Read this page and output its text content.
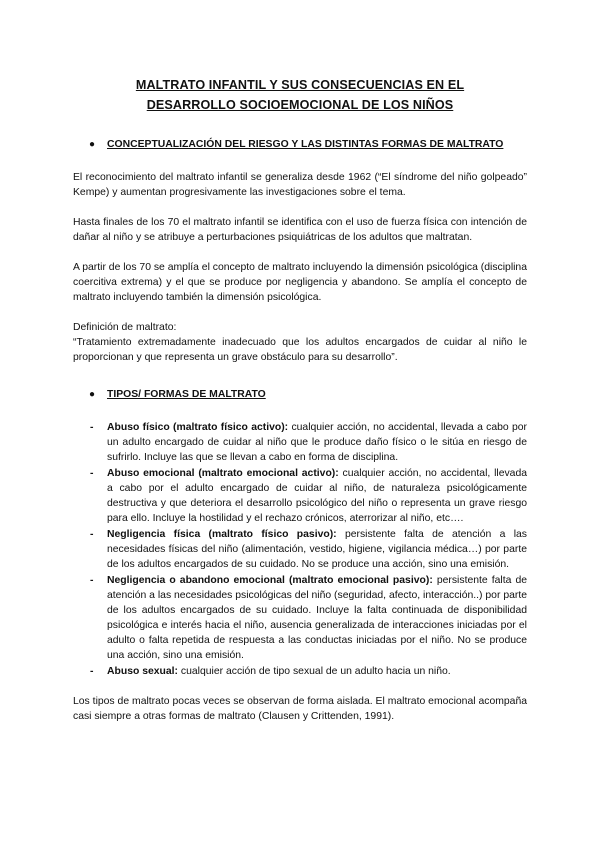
MALTRATO INFANTIL Y SUS CONSECUENCIAS EN EL
DESARROLLO SOCIOEMOCIONAL DE LOS NIÑOS
●	CONCEPTUALIZACIÓN DEL RIESGO Y LAS DISTINTAS FORMAS DE MALTRATO

El reconocimiento del maltrato infantil se generaliza desde 1962 (“El síndrome del niño golpeado” Kempe) y aumentan progresivamente las investigaciones sobre el tema.

Hasta finales de los 70 el maltrato infantil se identifica con el uso de fuerza física con intención de dañar al niño y se atribuye a perturbaciones psiquiátricas de los adultos que maltratan.

A partir de los 70 se amplía el concepto de maltrato incluyendo la dimensión psicológica (disciplina coercitiva extrema) y el que se produce por negligencia y abandono. Se amplía el concepto de maltrato incluyendo también la dimensión psicológica.

Definición de maltrato:

“Tratamiento extremadamente inadecuado que los adultos encargados de cuidar al niño le proporcionan y que representa un grave obstáculo para su desarrollo”.

●	TIPOS/ FORMAS DE MALTRATO
-	Abuso físico (maltrato físico activo): cualquier acción, no accidental, llevada a cabo por un adulto encargado de cuidar al niño que le produce daño físico o le sitúa en riesgo de sufrirlo. Incluye las que se llevan a cabo en forma de disciplina.
-	Abuso emocional (maltrato emocional activo): cualquier acción, no accidental, llevada a cabo por el adulto encargado de cuidar al niño, de naturaleza psicológicamente destructiva y que deteriora el desarrollo psicológico del niño o representa un grave riesgo para ello. Incluye la hostilidad y el rechazo crónicos, aterrorizar al niño, etc….
-	Negligencia física (maltrato físico pasivo): persistente falta de atención a las necesidades físicas del niño (alimentación, vestido, higiene, vigilancia médica…) por parte de los adultos encargados de su cuidado. No se produce una acción, sino una emisión.
-	Negligencia o abandono emocional (maltrato emocional pasivo): persistente falta de atención a las necesidades psicológicas del niño (seguridad, afecto, interacción..) por parte de los adultos encargados de su cuidado. Incluye la falta continuada de disponibilidad psicológica e interés hacia el niño, ausencia generalizada de interacciones iniciadas por el adulto o falta repetida de respuesta a las conductas iniciadas por el niño. No se produce una acción, sino una emisión.
-	Abuso sexual: cualquier acción de tipo sexual de un adulto hacia un niño.

Los tipos de maltrato pocas veces se observan de forma aislada. El maltrato emocional acompaña casi siempre a otras formas de maltrato (Clausen y Crittenden, 1991).
